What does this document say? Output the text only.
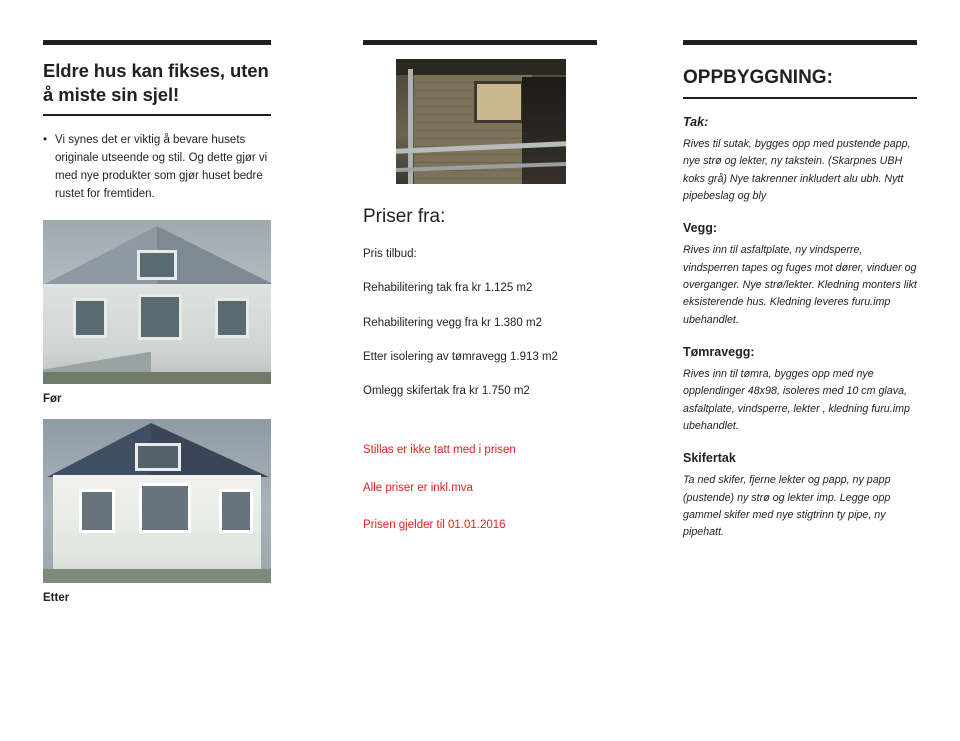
Eldre hus kan fikses, uten å miste sin sjel!
• Vi synes det er viktig å bevare husets originale utseende og stil. Og dette gjør vi med nye produkter som gjør huset bedre rustet for fremtiden.
Før
Etter
Priser fra:
Pris tilbud:
Rehabilitering tak fra kr 1.125 m2
Rehabilitering vegg fra kr 1.380 m2
Etter isolering av tømravegg 1.913 m2
Omlegg skifertak fra kr 1.750 m2
Stillas er ikke tatt med i prisen
Alle priser er inkl.mva
Prisen gjelder til 01.01.2016
OPPBYGGNING:
Tak:
Rives til sutak, bygges opp med pustende papp, nye strø og lekter, ny takstein. (Skarpnes UBH koks grå) Nye takrenner inkludert alu ubh. Nytt pipebeslag og bly
Vegg:
Rives inn til asfaltplate, ny vindsperre, vindsperren tapes og fuges mot dører, vinduer og overganger. Nye strø/lekter. Kledning monters likt eksisterende hus. Kledning leveres furu.imp ubehandlet.
Tømravegg:
Rives inn til tømra, bygges opp med nye opplendinger 48x98, isoleres med 10 cm glava, asfaltplate, vindsperre, lekter , kledning furu.imp ubehandlet.
Skifertak
Ta ned skifer, fjerne lekter og papp, ny papp (pustende) ny strø og lekter imp. Legge opp gammel skifer med nye stigtrinn ty pipe, ny pipehatt.
